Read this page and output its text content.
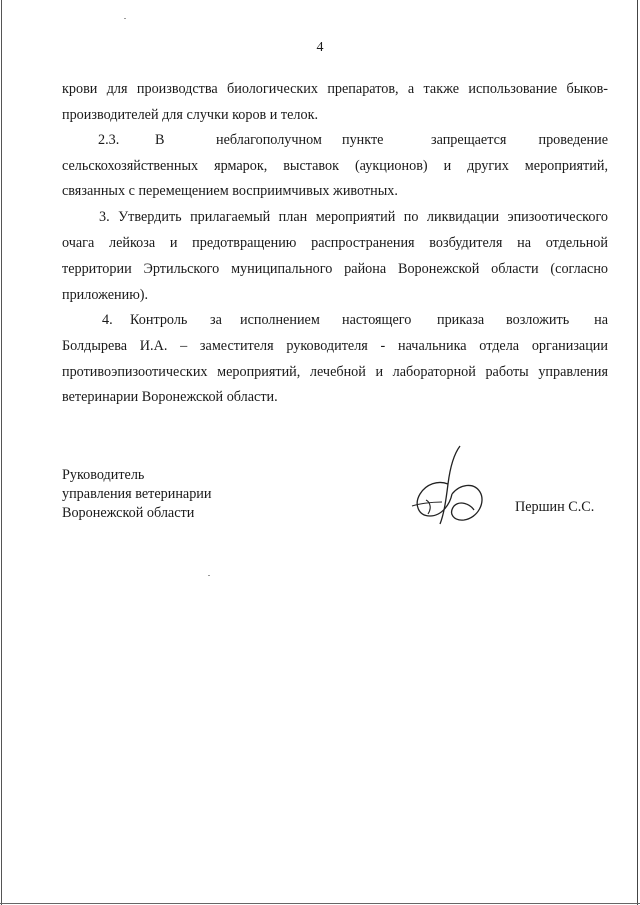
4
крови для производства биологических препаратов, а также использование быков-
производителей для случки коров и телок.
2.3.	В	неблагополучном пункте	запрещается проведение
сельскохозяйственных ярмарок, выставок (аукционов) и других мероприятий,
связанных с перемещением восприимчивых животных.
3. Утвердить прилагаемый план мероприятий по ликвидации эпизоотического
очага лейкоза и предотвращению распространения возбудителя на отдельной
территории Эртильского муниципального района Воронежской области (согласно
приложению).
4. Контроль за исполнением настоящего приказа возложить на
Болдырева И.А. – заместителя руководителя - начальника отдела организации
противоэпизоотических мероприятий, лечебной и лабораторной работы управления
ветеринарии Воронежской области.
Руководитель
управления ветеринарии
Воронежской области	Першин С.С.
